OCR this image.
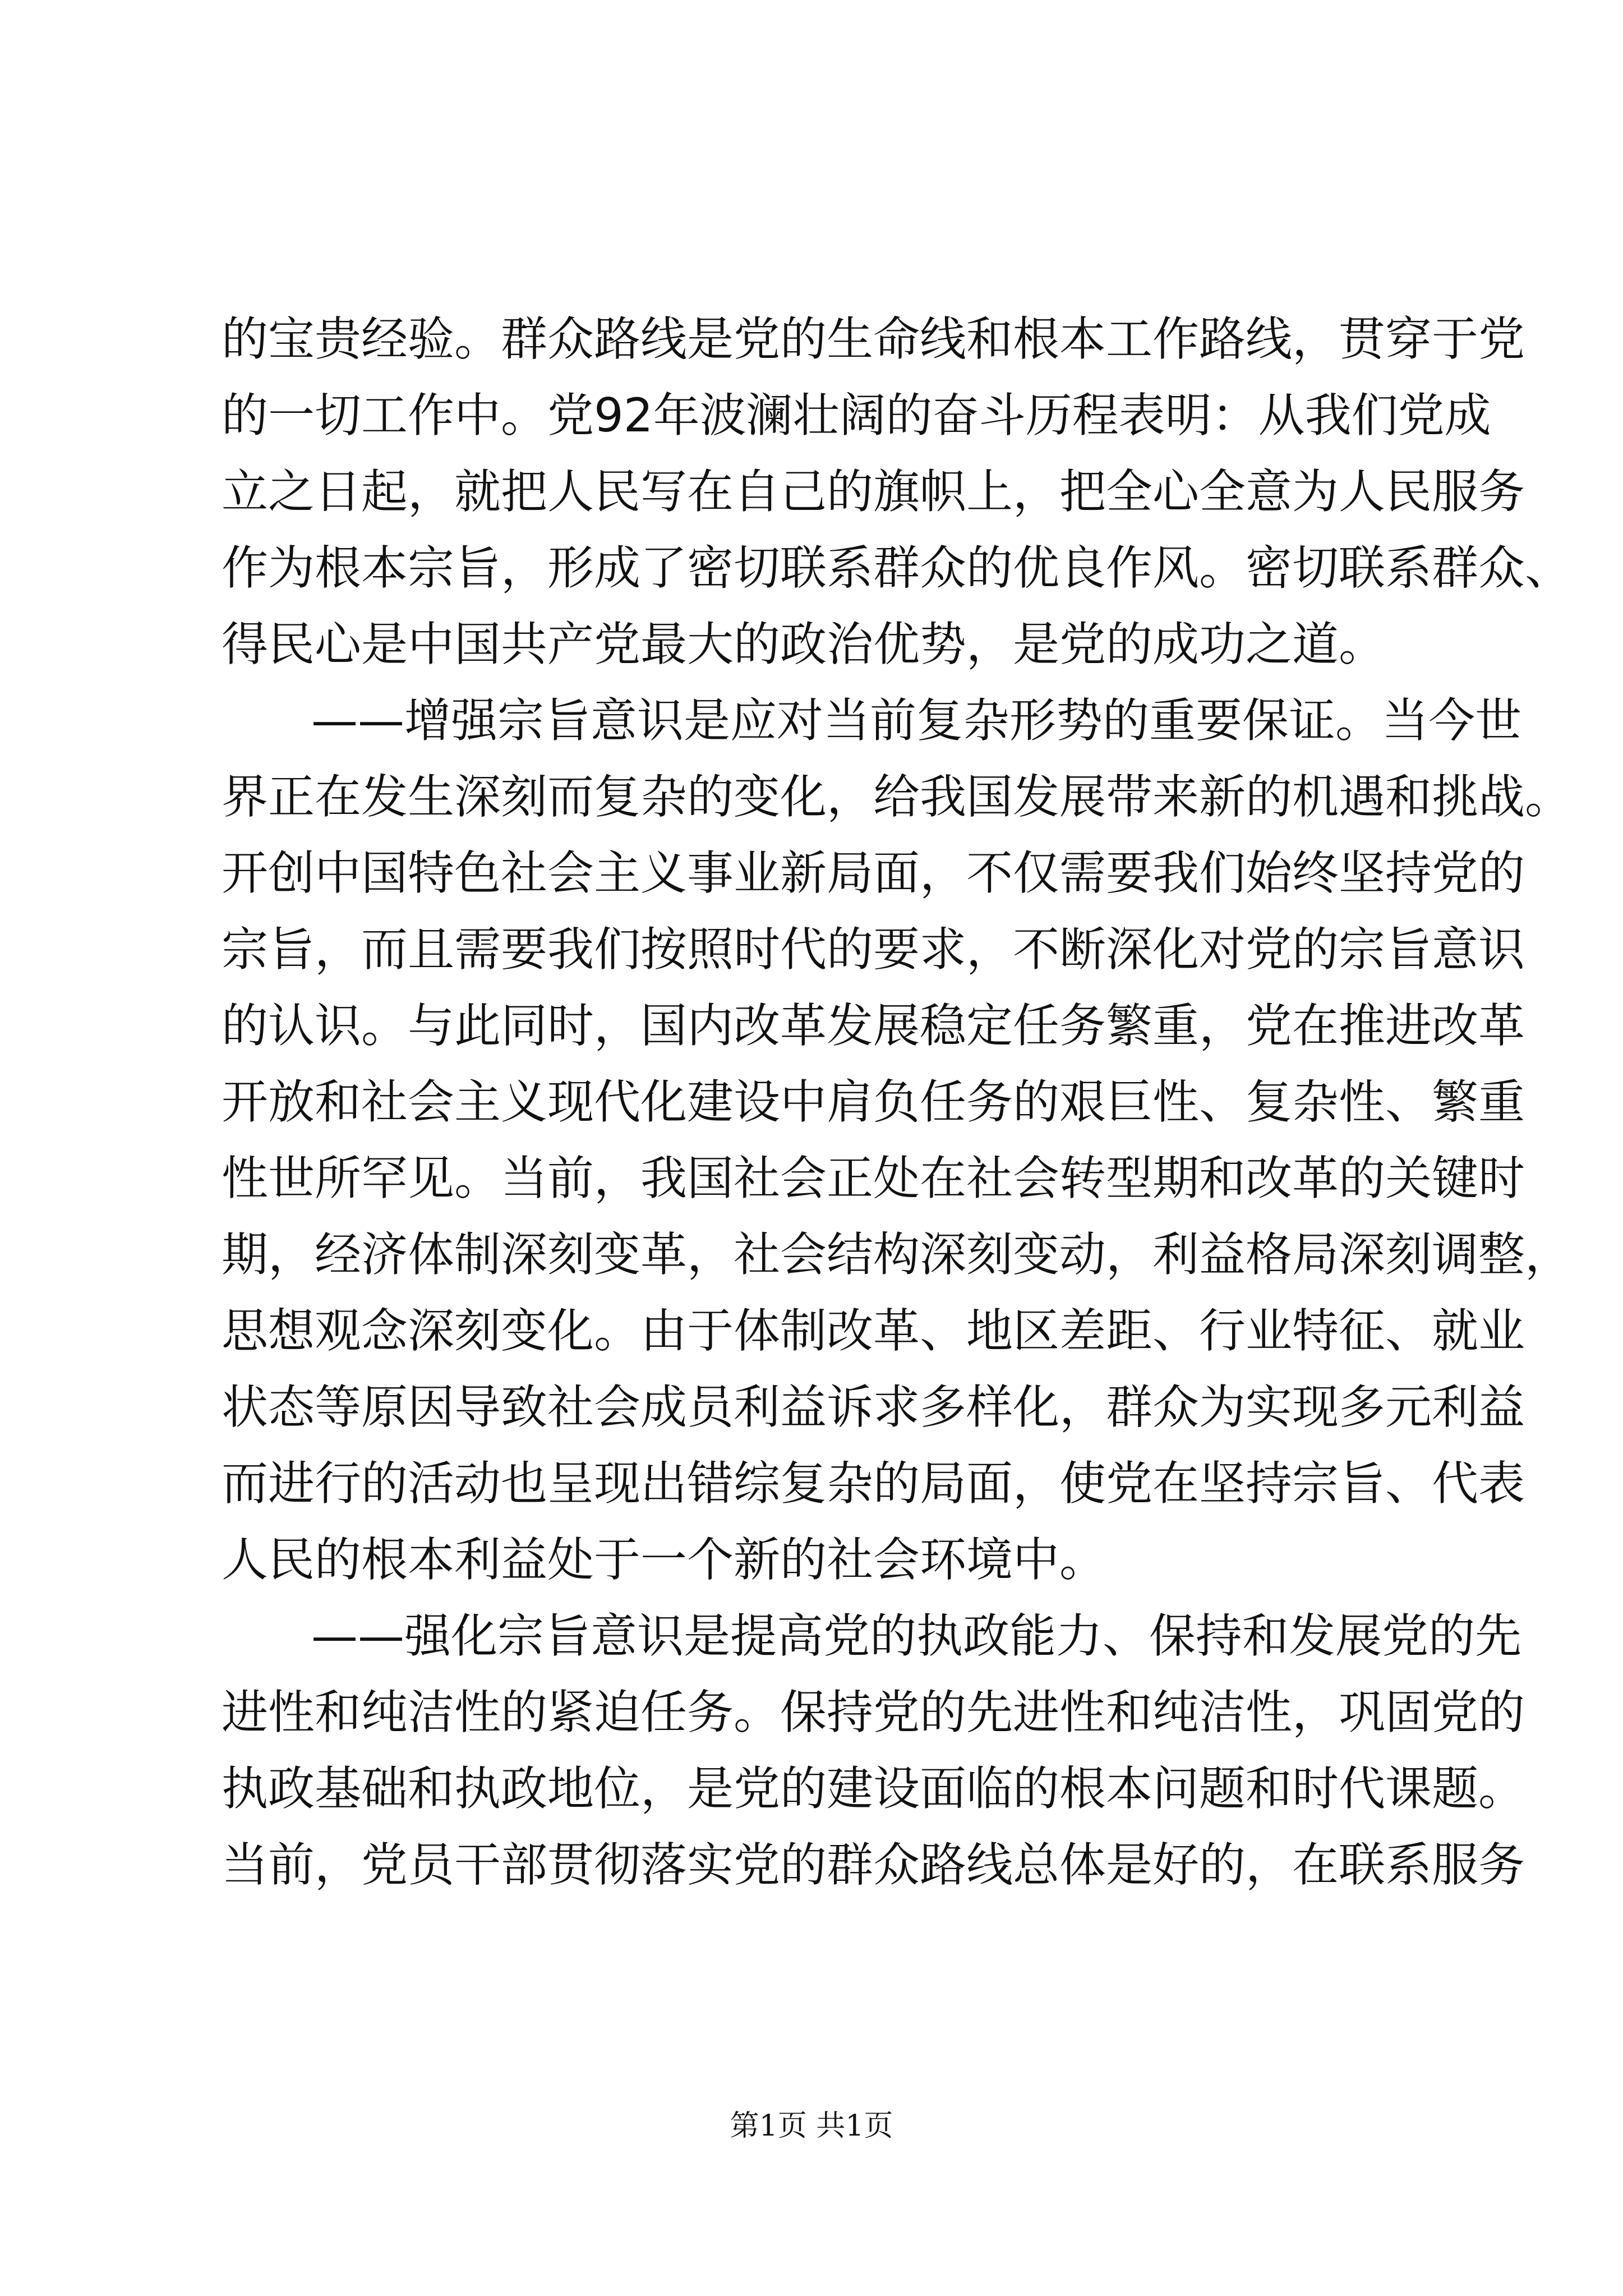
的宝贵经验。群众路线是党的生命线和根本工作路线，贯穿于党
的一切工作中。党92年波澜壮阔的奋斗历程表明：从我们党成
立之日起，就把人民写在自己的旗帜上，把全心全意为人民服务
作为根本宗旨，形成了密切联系群众的优良作风。密切联系群众、
得民心是中国共产党最大的政治优势，是党的成功之道。
——增强宗旨意识是应对当前复杂形势的重要保证。当今世
界正在发生深刻而复杂的变化，给我国发展带来新的机遇和挑战。
开创中国特色社会主义事业新局面，不仅需要我们始终坚持党的
宗旨，而且需要我们按照时代的要求，不断深化对党的宗旨意识
的认识。与此同时，国内改革发展稳定任务繁重，党在推进改革
开放和社会主义现代化建设中肩负任务的艰巨性、复杂性、繁重
性世所罕见。当前，我国社会正处在社会转型期和改革的关键时
期，经济体制深刻变革，社会结构深刻变动，利益格局深刻调整，
思想观念深刻变化。由于体制改革、地区差距、行业特征、就业
状态等原因导致社会成员利益诉求多样化，群众为实现多元利益
而进行的活动也呈现出错综复杂的局面，使党在坚持宗旨、代表
人民的根本利益处于一个新的社会环境中。
——强化宗旨意识是提高党的执政能力、保持和发展党的先
进性和纯洁性的紧迫任务。保持党的先进性和纯洁性，巩固党的
执政基础和执政地位，是党的建设面临的根本问题和时代课题。
当前，党员干部贯彻落实党的群众路线总体是好的，在联系服务
第1页 共1页
